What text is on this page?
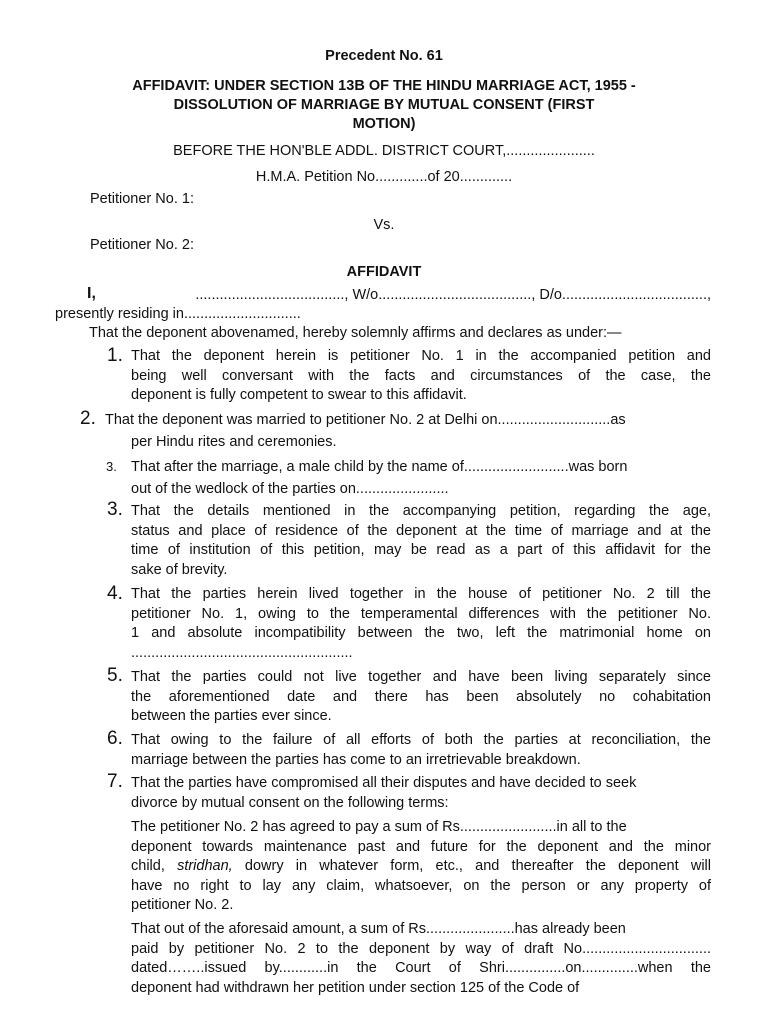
Precedent No. 61
AFFIDAVIT: UNDER SECTION 13B OF THE HINDU MARRIAGE ACT, 1955 -
DISSOLUTION OF MARRIAGE BY MUTUAL CONSENT (FIRST
MOTION)
BEFORE THE HON'BLE ADDL. DISTRICT COURT,......................
H.M.A. Petition No.............of 20.............
Petitioner No. 1:
Vs.
Petitioner No. 2:
AFFIDAVIT
I,	....................................., W/o......................................, D/o....................................,
presently residing in.............................
That the deponent abovenamed, hereby solemnly affirms and declares as under:—
1. That the deponent herein is petitioner No. 1 in the accompanied petition and
being well conversant with the facts and circumstances of the case, the
deponent is fully competent to swear to this affidavit.
2. That the deponent was married to petitioner No. 2 at Delhi on............................as
per Hindu rites and ceremonies.
3. That after the marriage, a male child by the name of..........................was born
out of the wedlock of the parties on.......................
3. That the details mentioned in the accompanying petition, regarding the age,
status and place of residence of the deponent at the time of marriage and at the
time of institution of this petition, may be read as a part of this affidavit for the
sake of brevity.
4. That the parties herein lived together in the house of petitioner No. 2 till the
petitioner No. 1, owing to the temperamental differences with the petitioner No.
1 and absolute incompatibility between the two, left the matrimonial home on
.......................................................
5. That the parties could not live together and have been living separately since
the aforementioned date and there has been absolutely no cohabitation
between the parties ever since.
6. That owing to the failure of all efforts of both the parties at reconciliation, the
marriage between the parties has come to an irretrievable breakdown.
7. That the parties have compromised all their disputes and have decided to seek
divorce by mutual consent on the following terms:
The petitioner No. 2 has agreed to pay a sum of Rs........................in all to the
deponent towards maintenance past and future for the deponent and the minor
child, stridhan, dowry in whatever form, etc., and thereafter the deponent will
have no right to lay any claim, whatsoever, on the person or any property of
petitioner No. 2.
That out of the aforesaid amount, a sum of Rs......................has already been
paid by petitioner No. 2 to the deponent by way of draft No................................
dated……..issued by............in the Court of Shri...............on..............when the
deponent had withdrawn her petition under section 125 of the Code of
